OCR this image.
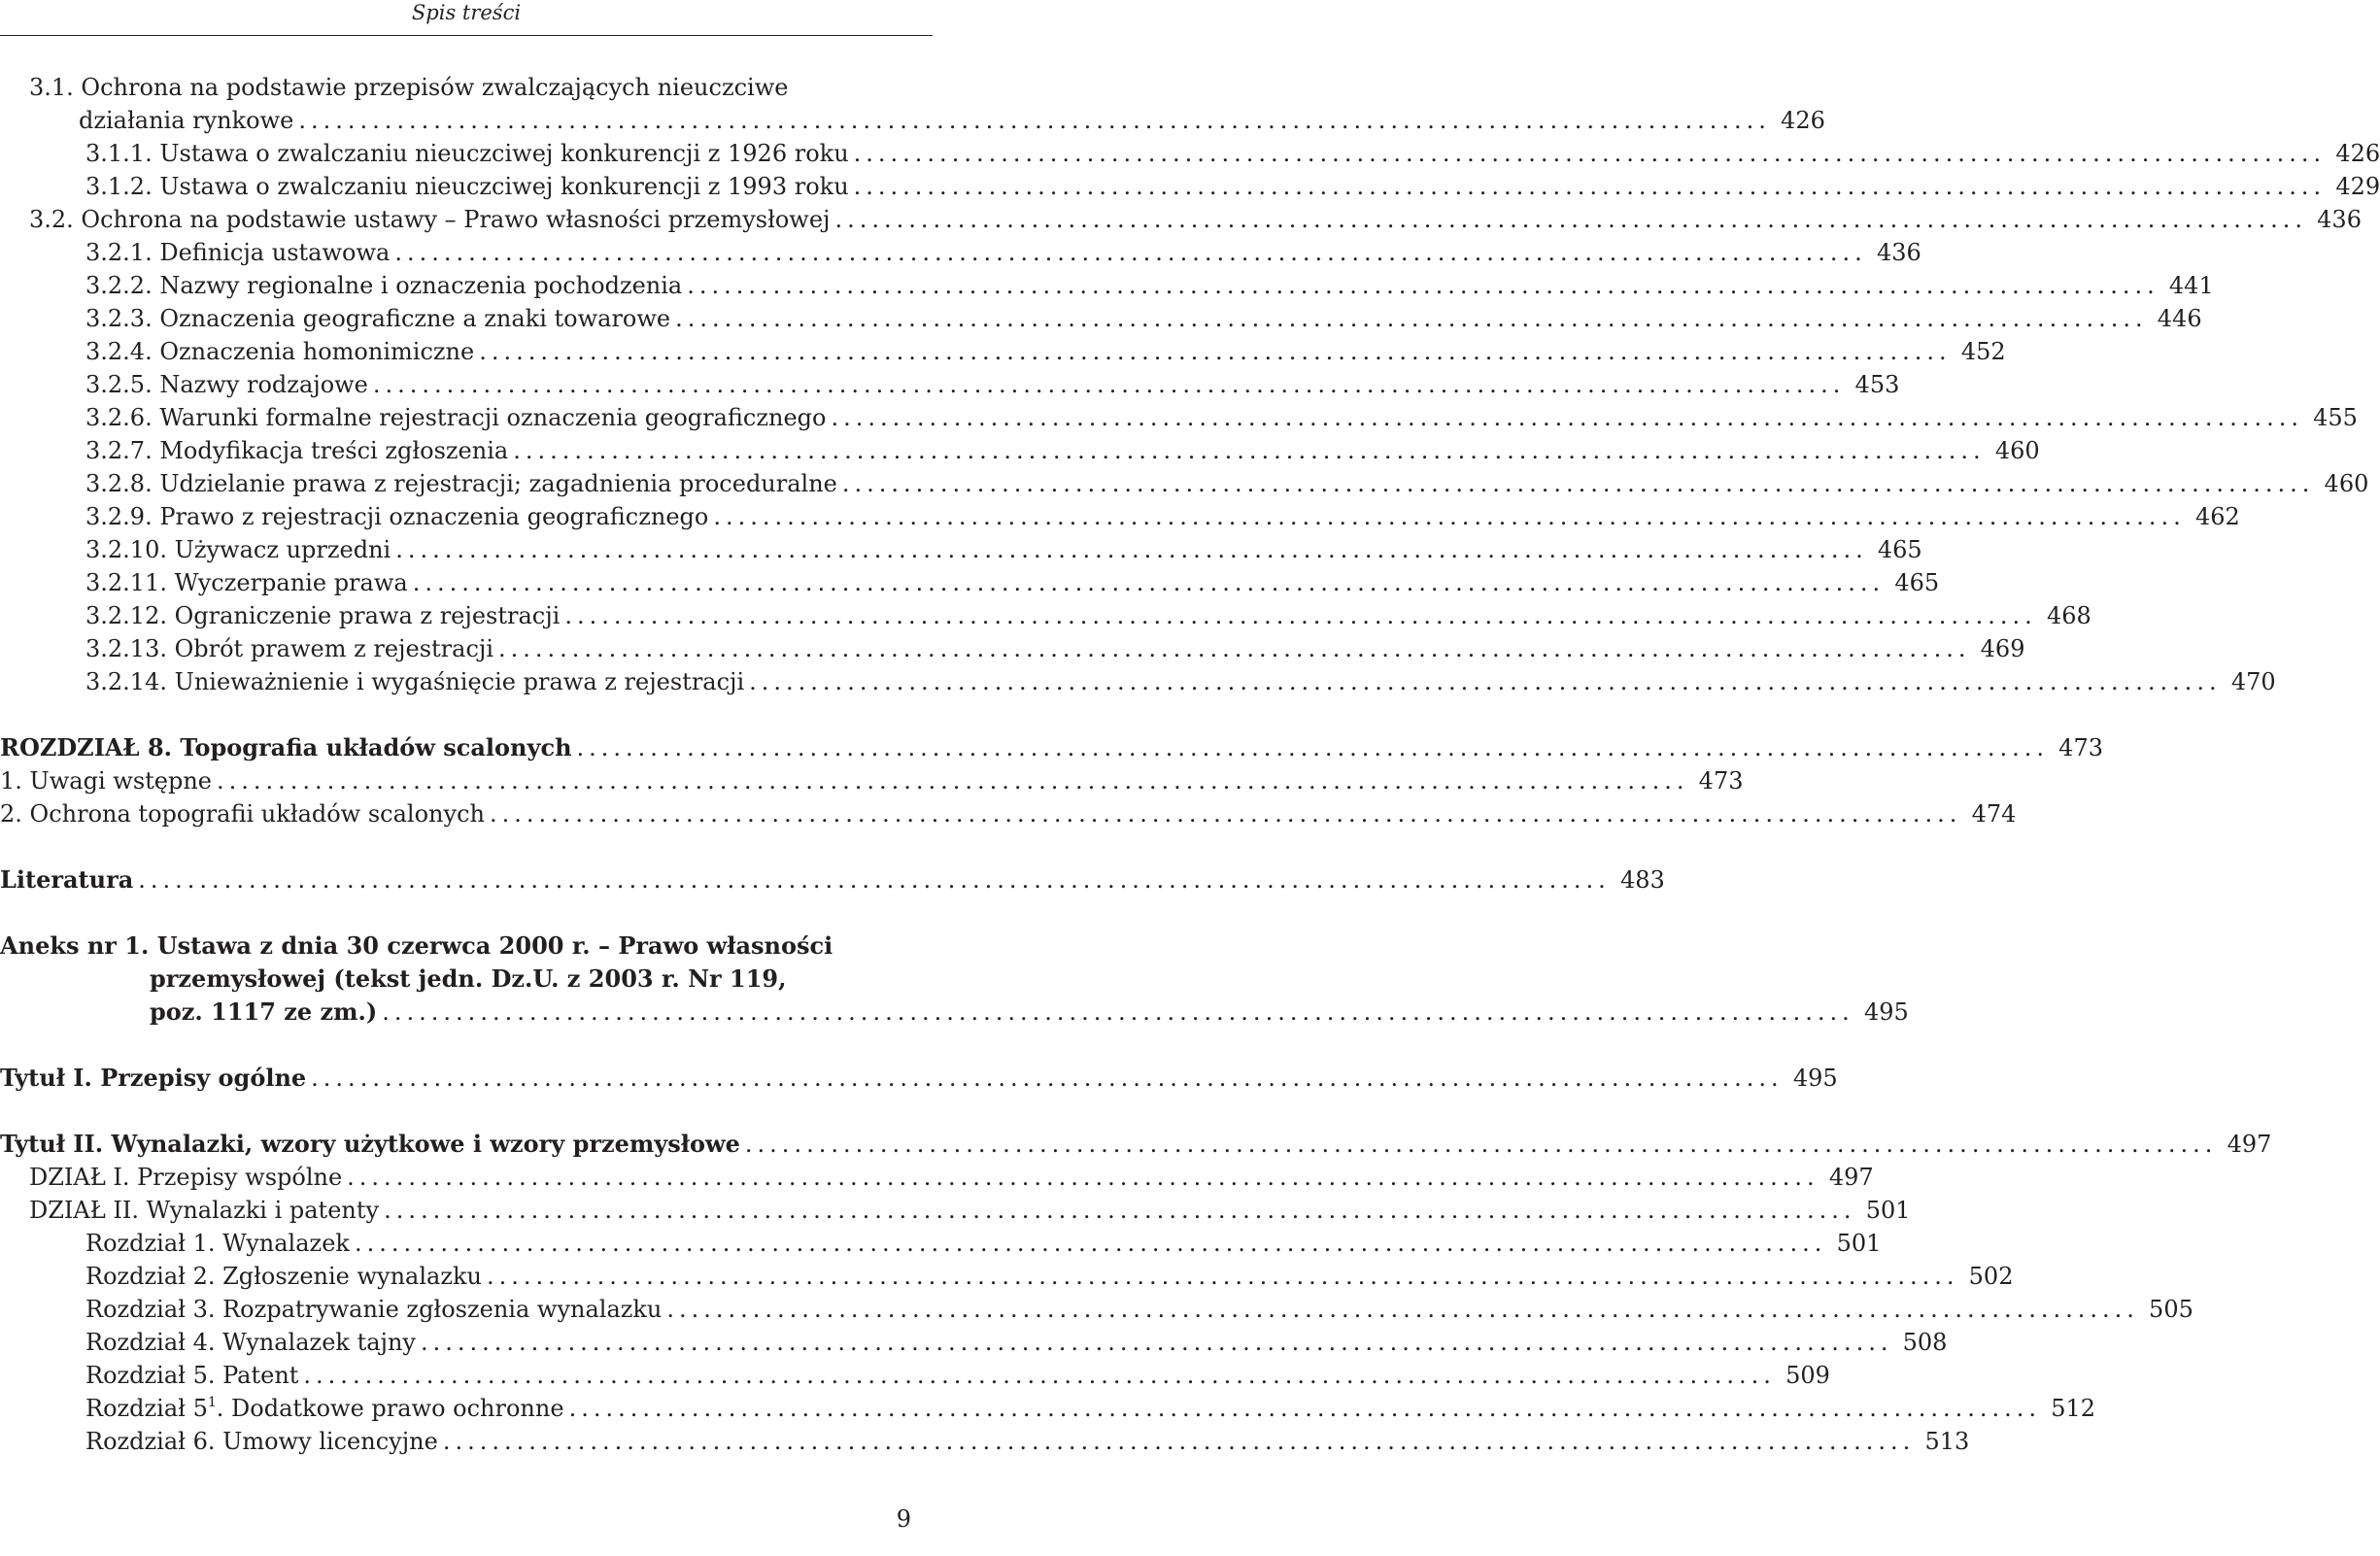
Spis treści
3.1. Ochrona na podstawie przepisów zwalczających nieuczciwe
działania rynkowe ........................................................................................................................ 426
3.1.1. Ustawa o zwalczaniu nieuczciwej konkurencji z 1926 roku ........................................................................................................................ 426
3.1.2. Ustawa o zwalczaniu nieuczciwej konkurencji z 1993 roku ........................................................................................................................ 429
3.2. Ochrona na podstawie ustawy – Prawo własności przemysłowej ........................................................................................................................ 436
3.2.1. Definicja ustawowa ........................................................................................................................ 436
3.2.2. Nazwy regionalne i oznaczenia pochodzenia ........................................................................................................................ 441
3.2.3. Oznaczenia geograficzne a znaki towarowe ........................................................................................................................ 446
3.2.4. Oznaczenia homonimiczne ........................................................................................................................ 452
3.2.5. Nazwy rodzajowe ........................................................................................................................ 453
3.2.6. Warunki formalne rejestracji oznaczenia geograficznego ........................................................................................................................ 455
3.2.7. Modyfikacja treści zgłoszenia ........................................................................................................................ 460
3.2.8. Udzielanie prawa z rejestracji; zagadnienia proceduralne ........................................................................................................................ 460
3.2.9. Prawo z rejestracji oznaczenia geograficznego ........................................................................................................................ 462
3.2.10. Używacz uprzedni ........................................................................................................................ 465
3.2.11. Wyczerpanie prawa ........................................................................................................................ 465
3.2.12. Ograniczenie prawa z rejestracji ........................................................................................................................ 468
3.2.13. Obrót prawem z rejestracji ........................................................................................................................ 469
3.2.14. Unieważnienie i wygaśnięcie prawa z rejestracji ........................................................................................................................ 470
ROZDZIAŁ 8. Topografia układów scalonych ........................................................................................................................ 473
1. Uwagi wstępne ........................................................................................................................ 473
2. Ochrona topografii układów scalonych ........................................................................................................................ 474
Literatura ........................................................................................................................ 483
Aneks nr 1. Ustawa z dnia 30 czerwca 2000 r. – Prawo własności
przemysłowej (tekst jedn. Dz.U. z 2003 r. Nr 119,
poz. 1117 ze zm.) ........................................................................................................................ 495
Tytuł I. Przepisy ogólne ........................................................................................................................ 495
Tytuł II. Wynalazki, wzory użytkowe i wzory przemysłowe ........................................................................................................................ 497
DZIAŁ I. Przepisy wspólne ........................................................................................................................ 497
DZIAŁ II. Wynalazki i patenty ........................................................................................................................ 501
Rozdział 1. Wynalazek ........................................................................................................................ 501
Rozdział 2. Zgłoszenie wynalazku ........................................................................................................................ 502
Rozdział 3. Rozpatrywanie zgłoszenia wynalazku ........................................................................................................................ 505
Rozdział 4. Wynalazek tajny ........................................................................................................................ 508
Rozdział 5. Patent ........................................................................................................................ 509
Rozdział $5^1$. Dodatkowe prawo ochronne ........................................................................................................................ 512
Rozdział 6. Umowy licencyjne ........................................................................................................................ 513
9
